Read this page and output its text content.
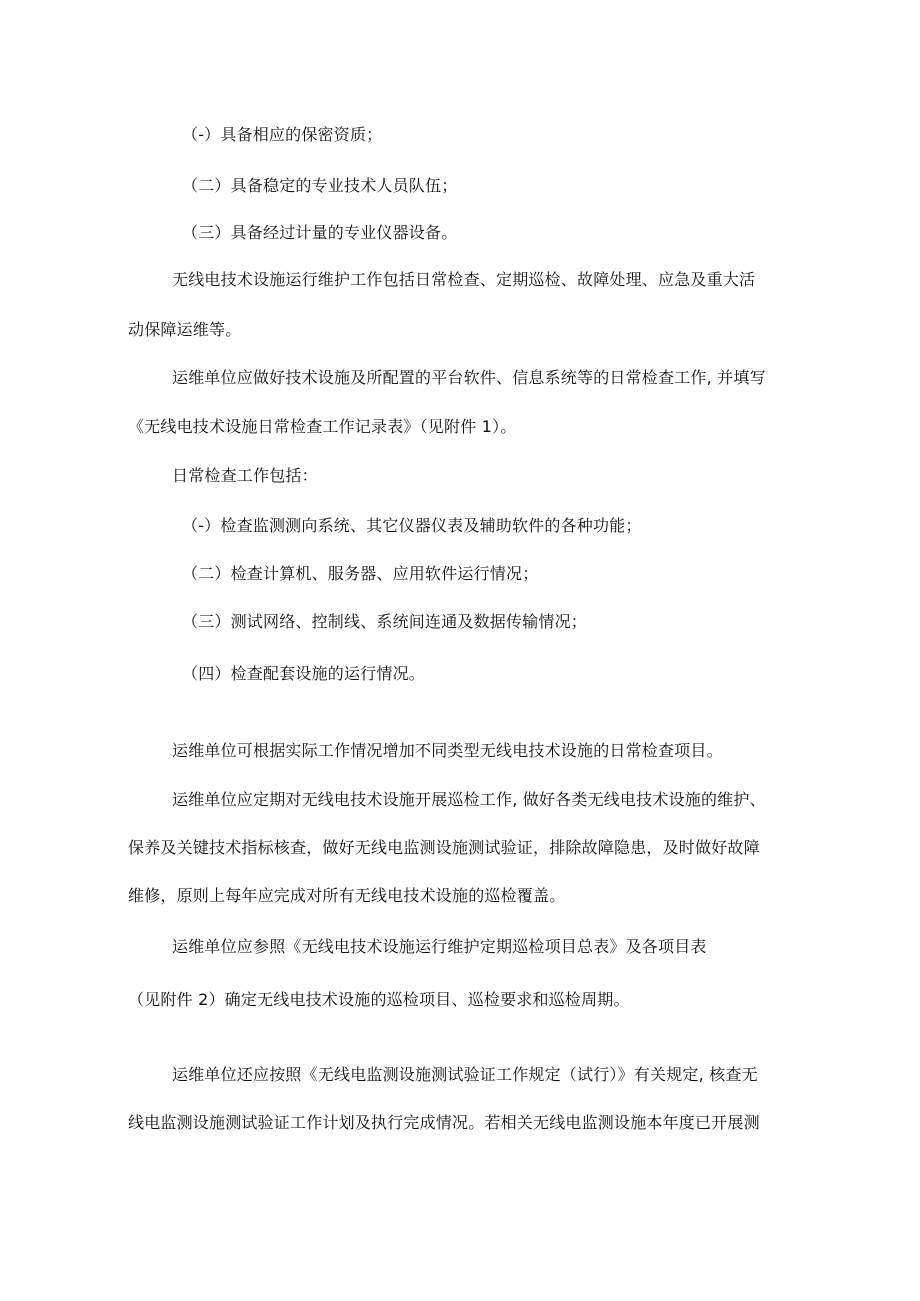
（-）具备相应的保密资质；

（二）具备稳定的专业技术人员队伍；

（三）具备经过计量的专业仪器设备。

无线电技术设施运行维护工作包括日常检查、定期巡检、故障处理、应急及重大活

动保障运维等。

运维单位应做好技术设施及所配置的平台软件、信息系统等的日常检查工作, 并填写

《无线电技术设施日常检查工作记录表》（见附件 1）。

日常检查工作包括：

（-）检查监测测向系统、其它仪器仪表及辅助软件的各种功能；

（二）检查计算机、服务器、应用软件运行情况；

（三）测试网络、控制线、系统间连通及数据传输情况；

（四）检查配套设施的运行情况。

运维单位可根据实际工作情况增加不同类型无线电技术设施的日常检查项目。

运维单位应定期对无线电技术设施开展巡检工作, 做好各类无线电技术设施的维护、

保养及关键技术指标核查，做好无线电监测设施测试验证，排除故障隐患，及时做好故障

维修，原则上每年应完成对所有无线电技术设施的巡检覆盖。

运维单位应参照《无线电技术设施运行维护定期巡检项目总表》及各项目表

（见附件 2）确定无线电技术设施的巡检项目、巡检要求和巡检周期。

运维单位还应按照《无线电监测设施测试验证工作规定（试行）》有关规定, 核查无

线电监测设施测试验证工作计划及执行完成情况。若相关无线电监测设施本年度已开展测
